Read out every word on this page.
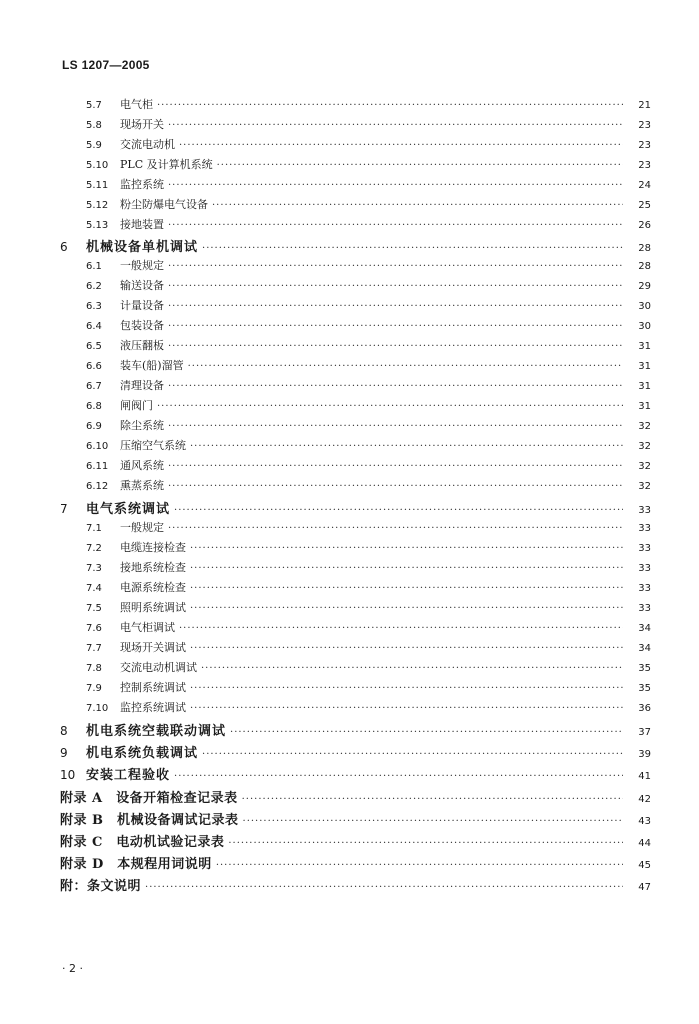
LS 1207—2005
5.7	电气柜 ·····	21
5.8	现场开关 ·····	23
5.9	交流电动机 ·····	23
5.10	PLC 及计算机系统 ·····	23
5.11	监控系统 ·····	24
5.12	粉尘防爆电气设备 ·····	25
5.13	接地装置 ·····	26
6	机械设备单机调试 ·····	28
6.1	一般规定 ·····	28
6.2	输送设备 ·····	29
6.3	计量设备 ·····	30
6.4	包装设备 ·····	30
6.5	液压翻板 ·····	31
6.6	装车(船)溜管 ·····	31
6.7	清理设备 ·····	31
6.8	闸阀门 ·····	31
6.9	除尘系统 ·····	32
6.10	压缩空气系统 ·····	32
6.11	通风系统 ·····	32
6.12	熏蒸系统 ·····	32
7	电气系统调试 ·····	33
7.1	一般规定 ·····	33
7.2	电缆连接检查 ·····	33
7.3	接地系统检查 ·····	33
7.4	电源系统检查 ·····	33
7.5	照明系统调试 ·····	33
7.6	电气柜调试 ·····	34
7.7	现场开关调试 ·····	34
7.8	交流电动机调试 ·····	35
7.9	控制系统调试 ·····	35
7.10	监控系统调试 ·····	36
8	机电系统空载联动调试 ·····	37
9	机电系统负载调试 ·····	39
10 安装工程验收 ·····	41
附录 A　设备开箱检查记录表 ·····	42
附录 B　机械设备调试记录表 ·····	43
附录 C　电动机试验记录表 ·····	44
附录 D　本规程用词说明 ·····	45
附：条文说明 ·····	47
· 2 ·
